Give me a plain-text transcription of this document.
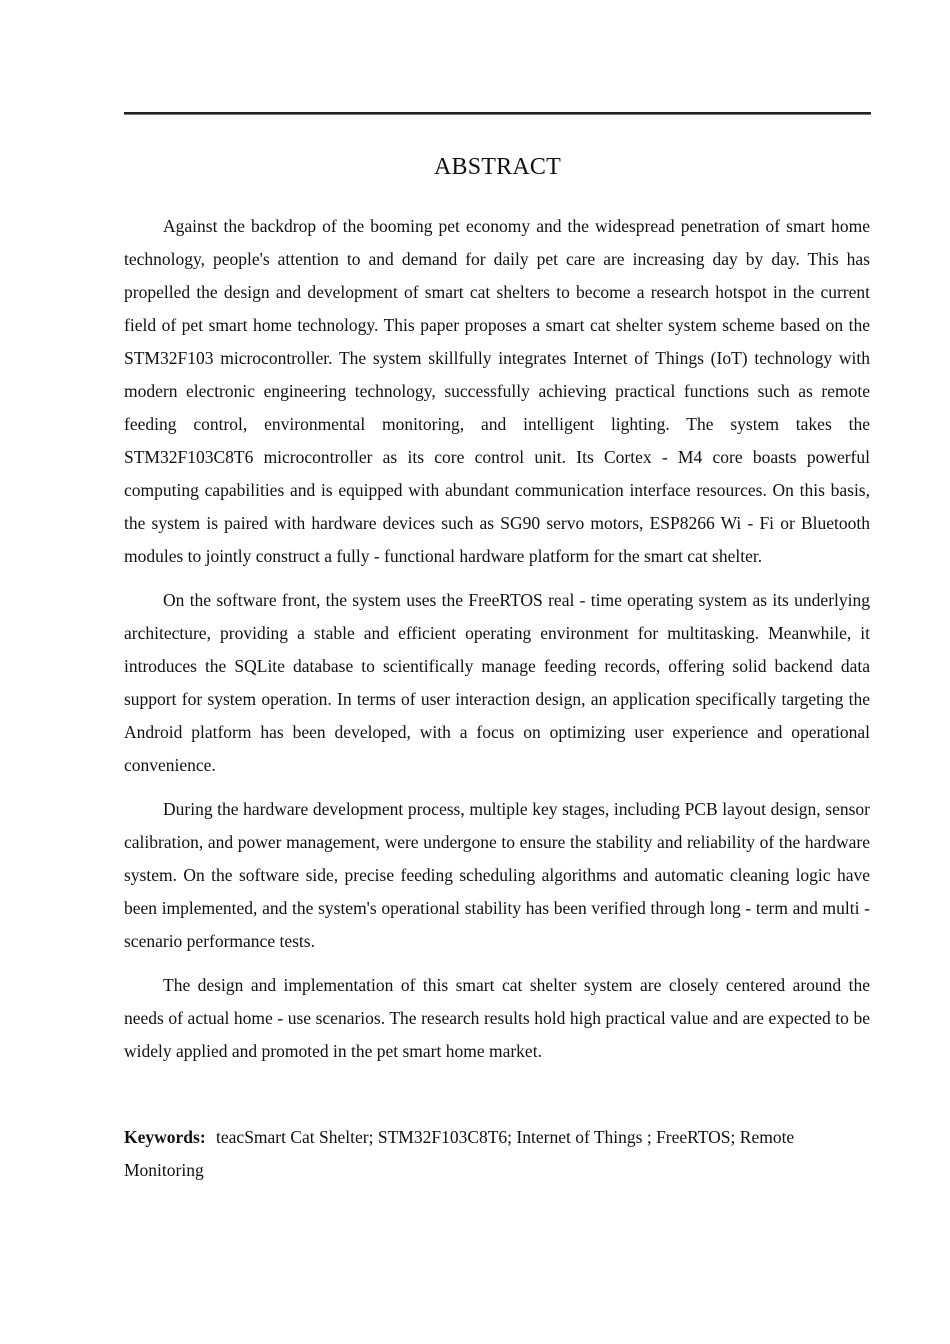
ABSTRACT

Against the backdrop of the booming pet economy and the widespread penetration of smart home technology, people's attention to and demand for daily pet care are increasing day by day. This has propelled the design and development of smart cat shelters to become a research hotspot in the current field of pet smart home technology. This paper proposes a smart cat shelter system scheme based on the STM32F103 microcontroller. The system skillfully integrates Internet of Things (IoT) technology with modern electronic engineering technology, successfully achieving practical functions such as remote feeding control, environmental monitoring, and intelligent lighting. The system takes the STM32F103C8T6 microcontroller as its core control unit. Its Cortex - M4 core boasts powerful computing capabilities and is equipped with abundant communication interface resources. On this basis, the system is paired with hardware devices such as SG90 servo motors, ESP8266 Wi - Fi or Bluetooth modules to jointly construct a fully - functional hardware platform for the smart cat shelter.

On the software front, the system uses the FreeRTOS real - time operating system as its underlying architecture, providing a stable and efficient operating environment for multitasking. Meanwhile, it introduces the SQLite database to scientifically manage feeding records, offering solid backend data support for system operation. In terms of user interaction design, an application specifically targeting the Android platform has been developed, with a focus on optimizing user experience and operational convenience.

During the hardware development process, multiple key stages, including PCB layout design, sensor calibration, and power management, were undergone to ensure the stability and reliability of the hardware system. On the software side, precise feeding scheduling algorithms and automatic cleaning logic have been implemented, and the system's operational stability has been verified through long - term and multi - scenario performance tests.

The design and implementation of this smart cat shelter system are closely centered around the needs of actual home - use scenarios. The research results hold high practical value and are expected to be widely applied and promoted in the pet smart home market.

Keywords: teacSmart Cat Shelter; STM32F103C8T6; Internet of Things ; FreeRTOS; Remote Monitoring
